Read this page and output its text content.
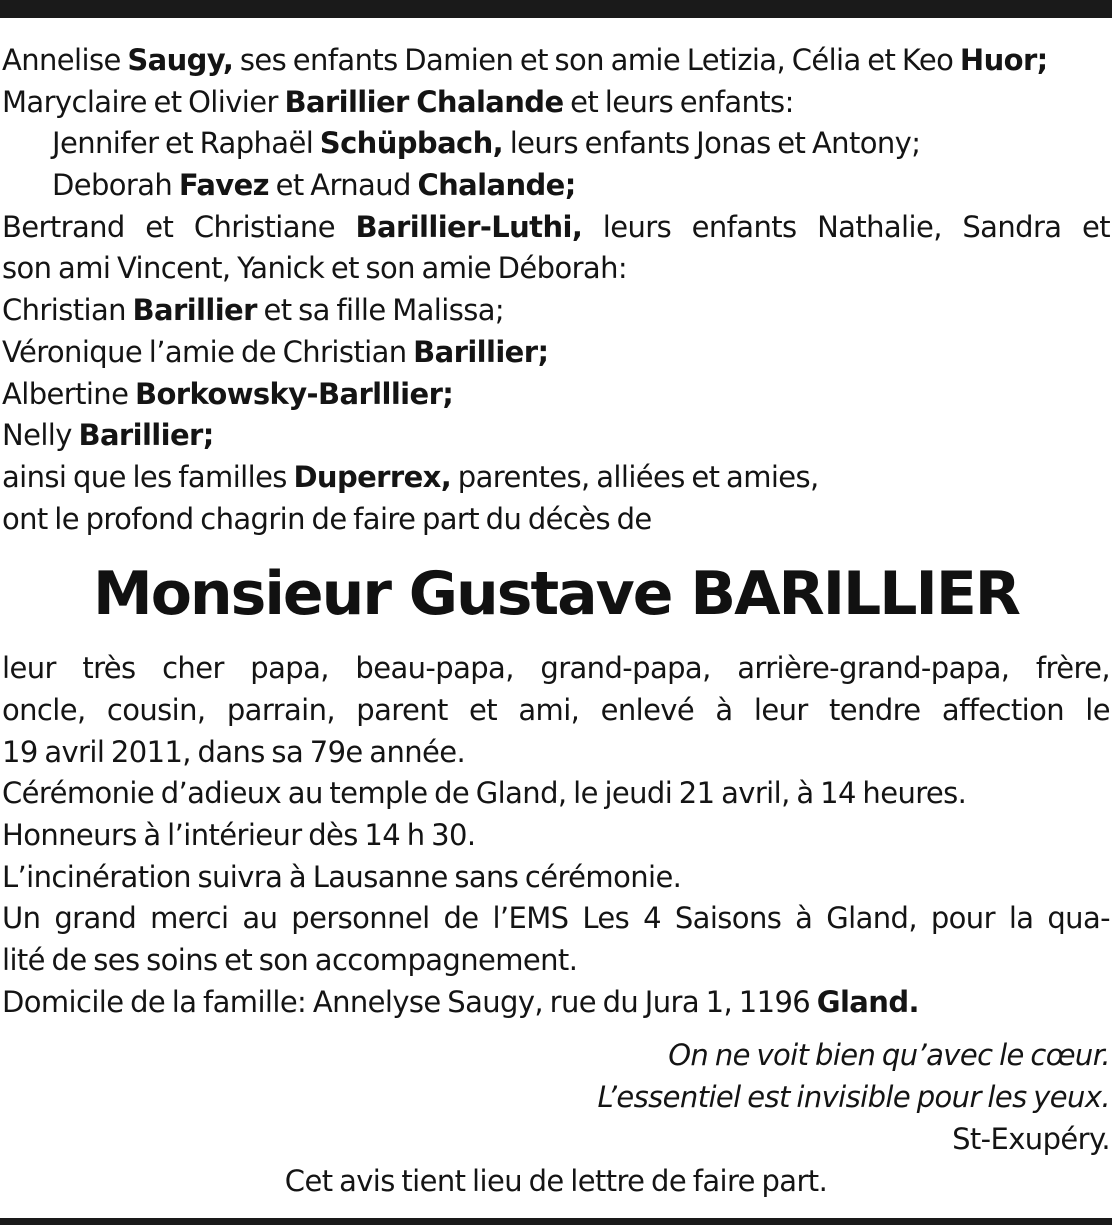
Annelise Saugy, ses enfants Damien et son amie Letizia, Célia et Keo Huor;
Maryclaire et Olivier Barillier Chalande et leurs enfants:
Jennifer et Raphaël Schüpbach, leurs enfants Jonas et Antony;
Deborah Favez et Arnaud Chalande;
Bertrand et Christiane Barillier-Luthi, leurs enfants Nathalie, Sandra et
son ami Vincent, Yanick et son amie Déborah:
Christian Barillier et sa fille Malissa;
Véronique l’amie de Christian Barillier;
Albertine Borkowsky-Barlllier;
Nelly Barillier;
ainsi que les familles Duperrex, parentes, alliées et amies,
ont le profond chagrin de faire part du décès de
Monsieur Gustave BARILLIER
leur très cher papa, beau-papa, grand-papa, arrière-grand-papa, frère,
oncle, cousin, parrain, parent et ami, enlevé à leur tendre affection le
19 avril 2011, dans sa 79e année.
Cérémonie d’adieux au temple de Gland, le jeudi 21 avril, à 14 heures.
Honneurs à l’intérieur dès 14 h 30.
L’incinération suivra à Lausanne sans cérémonie.
Un grand merci au personnel de l’EMS Les 4 Saisons à Gland, pour la qua-
lité de ses soins et son accompagnement.
Domicile de la famille: Annelyse Saugy, rue du Jura 1, 1196 Gland.
On ne voit bien qu’avec le cœur.
L’essentiel est invisible pour les yeux.
St-Exupéry.
Cet avis tient lieu de lettre de faire part.
